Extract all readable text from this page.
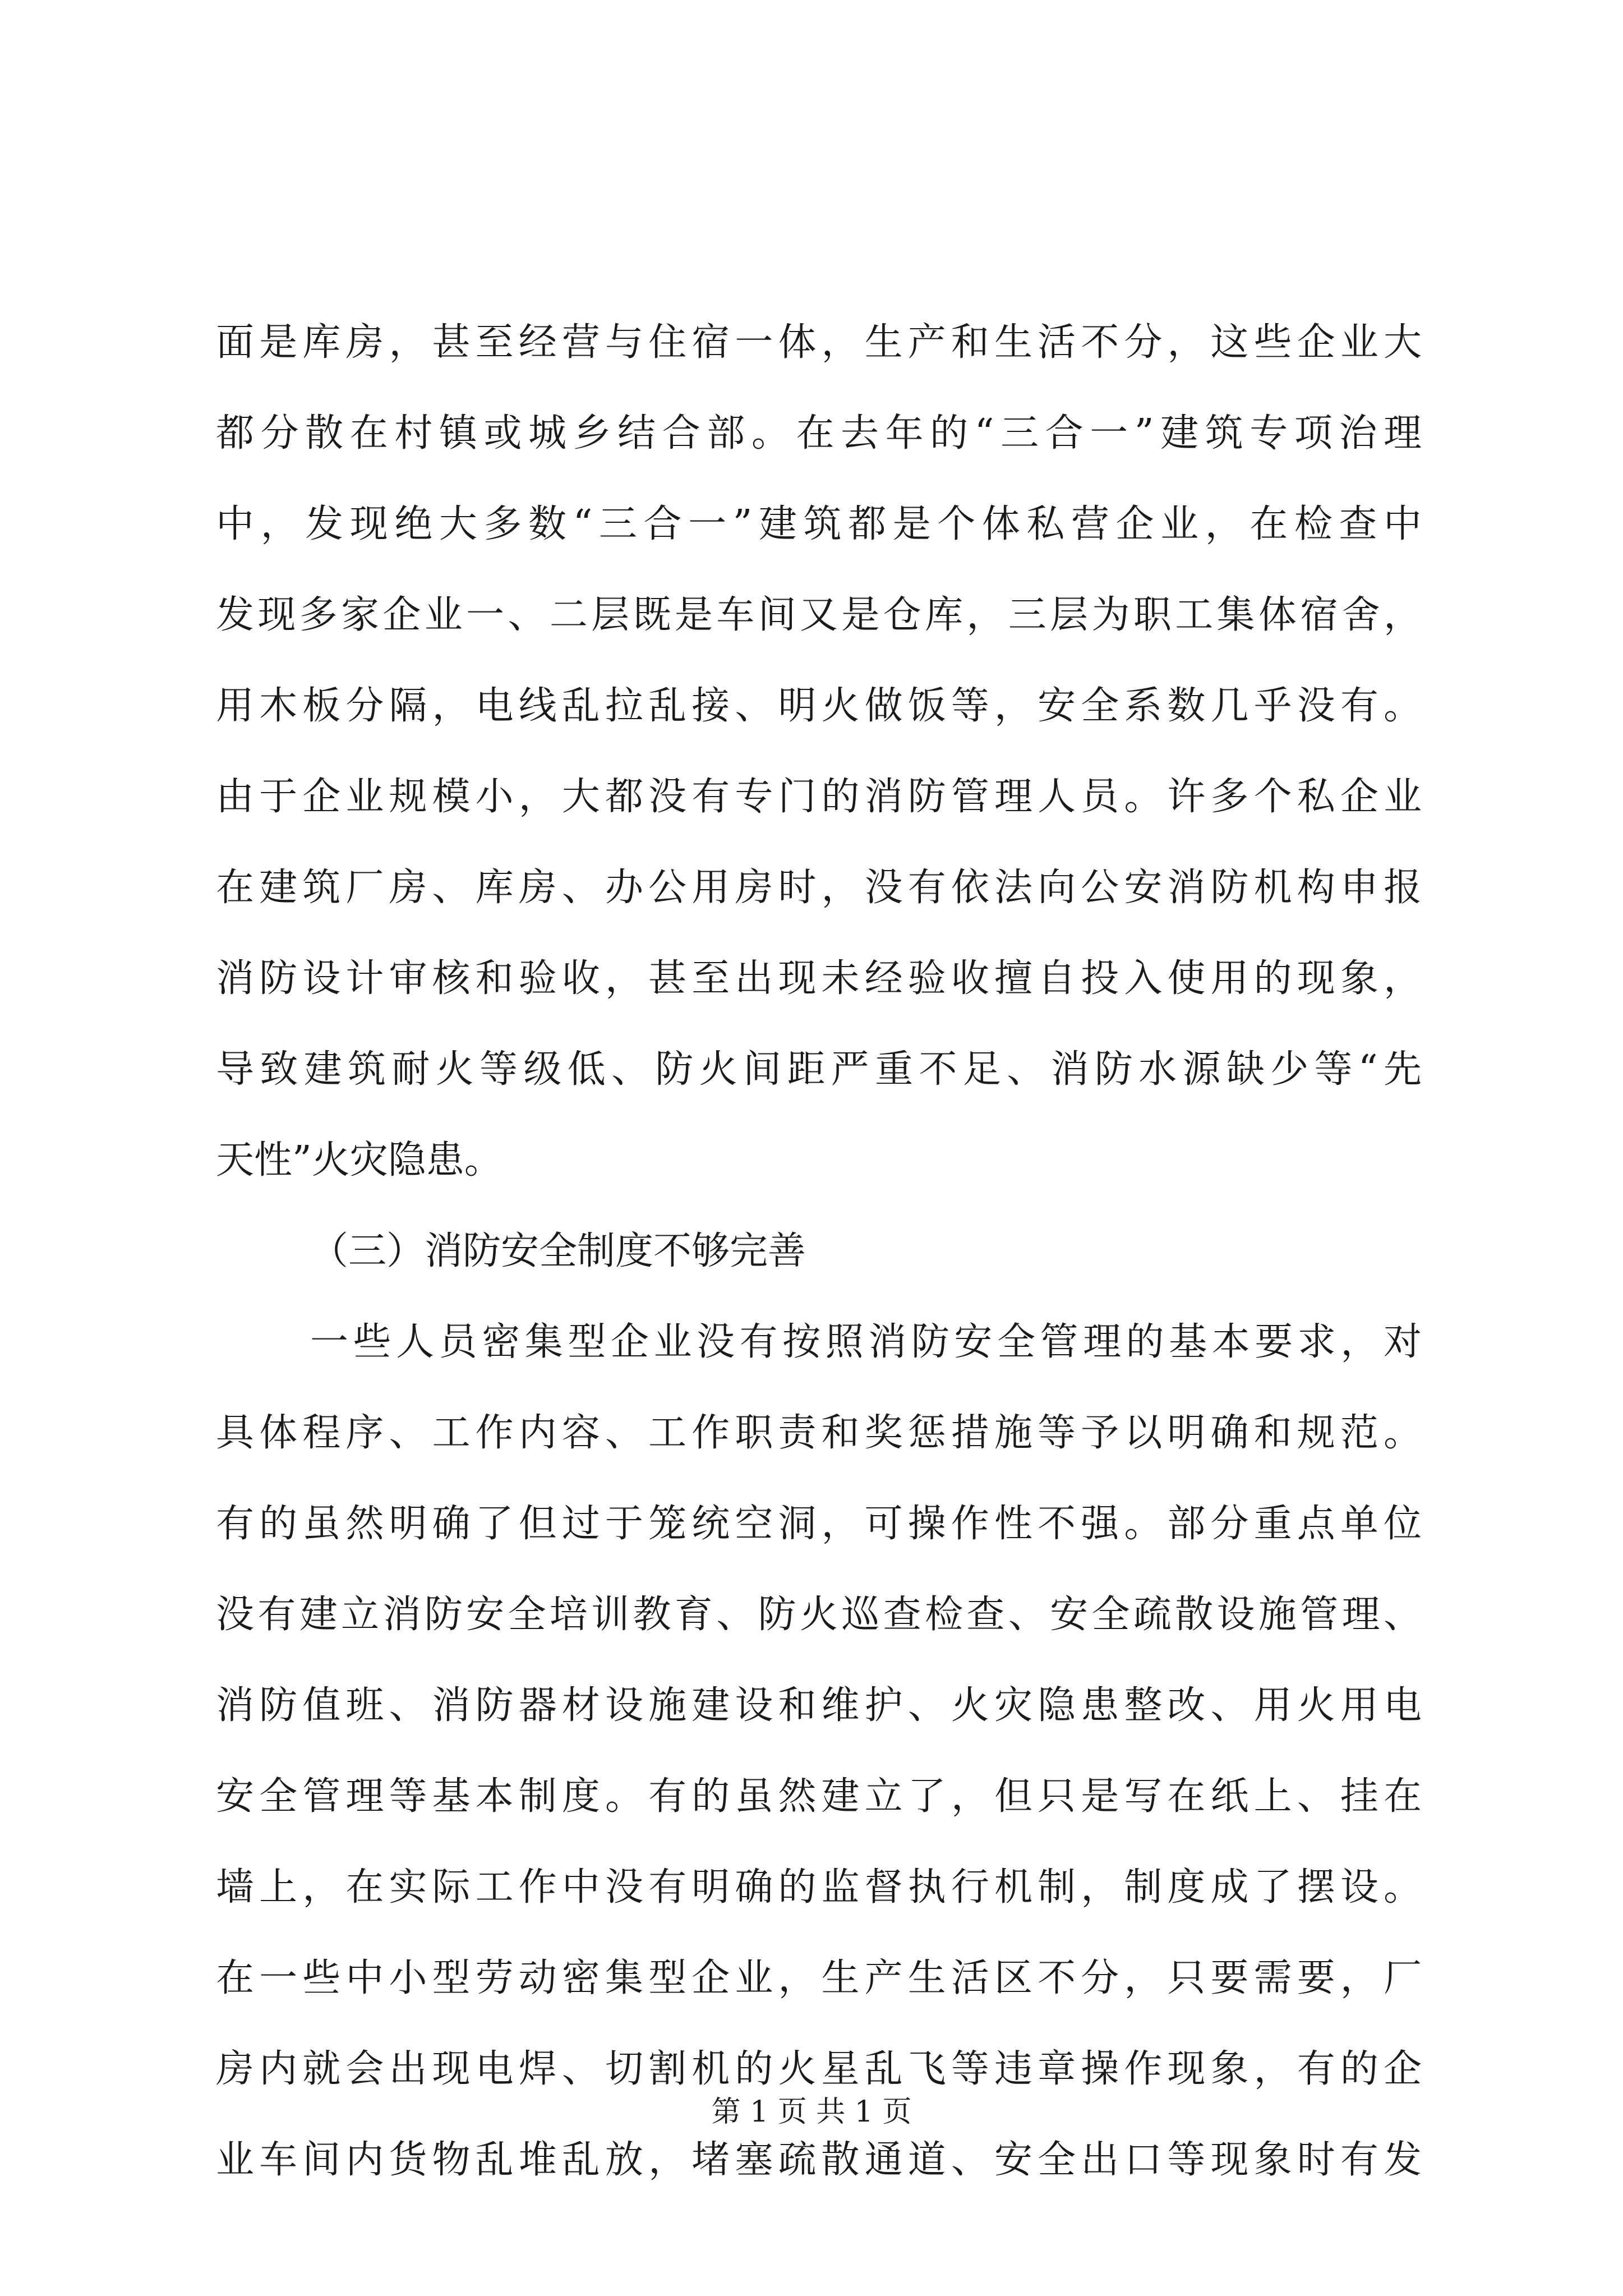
面是库房，甚至经营与住宿一体，生产和生活不分，这些企业大
都分散在村镇或城乡结合部。在去年的“三合一”建筑专项治理
中，发现绝大多数“三合一”建筑都是个体私营企业，在检查中
发现多家企业一、二层既是车间又是仓库，三层为职工集体宿舍，
用木板分隔，电线乱拉乱接、明火做饭等，安全系数几乎没有。
由于企业规模小，大都没有专门的消防管理人员。许多个私企业
在建筑厂房、库房、办公用房时，没有依法向公安消防机构申报
消防设计审核和验收，甚至出现未经验收擅自投入使用的现象，
导致建筑耐火等级低、防火间距严重不足、消防水源缺少等“先
天性”火灾隐患。
（三）消防安全制度不够完善
一些人员密集型企业没有按照消防安全管理的基本要求，对
具体程序、工作内容、工作职责和奖惩措施等予以明确和规范。
有的虽然明确了但过于笼统空洞，可操作性不强。部分重点单位
没有建立消防安全培训教育、防火巡查检查、安全疏散设施管理、
消防值班、消防器材设施建设和维护、火灾隐患整改、用火用电
安全管理等基本制度。有的虽然建立了，但只是写在纸上、挂在
墙上，在实际工作中没有明确的监督执行机制，制度成了摆设。
在一些中小型劳动密集型企业，生产生活区不分，只要需要，厂
房内就会出现电焊、切割机的火星乱飞等违章操作现象，有的企
业车间内货物乱堆乱放，堵塞疏散通道、安全出口等现象时有发
第 1 页 共 1 页
